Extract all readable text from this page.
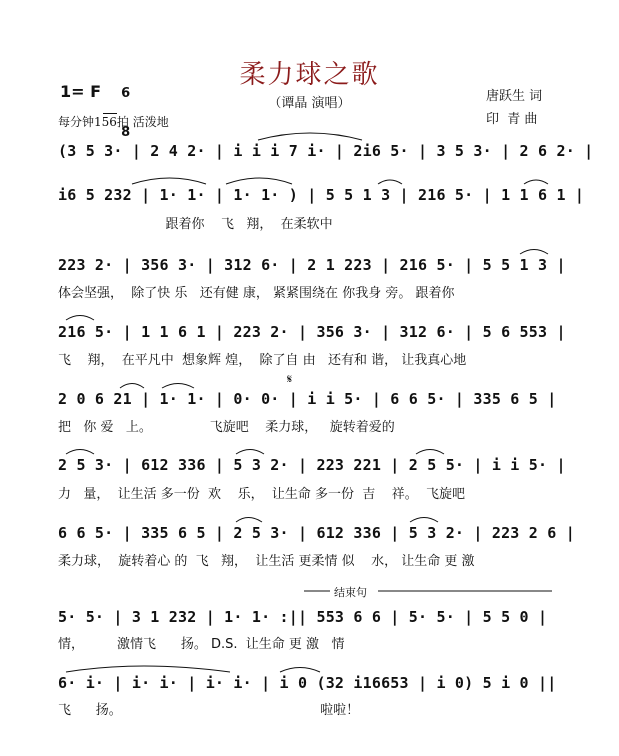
柔力球之歌
（谭晶 演唱）
1= F	6

8

每分钟156拍 活泼地
唐跃生 词
印  青 曲
(3 5 3· | 2 4 2· | i i i 7 i· | 2i6 5· | 3 5 3· | 2 6 2· |
i6 5 232 | 1· 1· | 1· 1· ) | 5 5 1 3 | 216 5· | 1 1 6 1 |
跟着你    飞   翔，  在柔软中
223 2· | 356 3· | 312 6· | 2 1 223 | 216 5· | 5 5 1 3 |
体会坚强，  除了快 乐   还有健 康， 紧紧围绕在 你我身 旁。 跟着你
216 5· | 1 1 6 1 | 223 2· | 356 3· | 312 6· | 5 6 553 |
飞    翔，  在平凡中  想象辉 煌，  除了自 由   还有和 谐， 让我真心地
2 0 6 21 | 1· 1· | 0· 0· | i i 5· | 6 6 5· | 335 6 5 |
把   你 爱   上。              飞旋吧    柔力球，   旋转着爱的
2 5 3· | 612 336 | 5 3 2· | 223 221 | 2 5 5· | i i 5· |
力   量，  让生活 多一份  欢    乐，  让生命 多一份  吉    祥。  飞旋吧
6 6 5· | 335 6 5 | 2 5 3· | 612 336 | 5 3 2· | 223 2 6 |
柔力球，  旋转着心 的  飞   翔，  让生活 更柔情 似    水， 让生命 更 激
5· 5· | 3 1 232 | 1· 1· :|| 553 6 6 | 5· 5· | 5 5 0 |
情，        激情飞      扬。 D.S.  让生命 更 激   情
6· i· | i· i· | i· i· | i 0 (32 i16653 | i 0) 5 i 0 ||
飞      扬。                                                啦啦！
𝄋
结束句
